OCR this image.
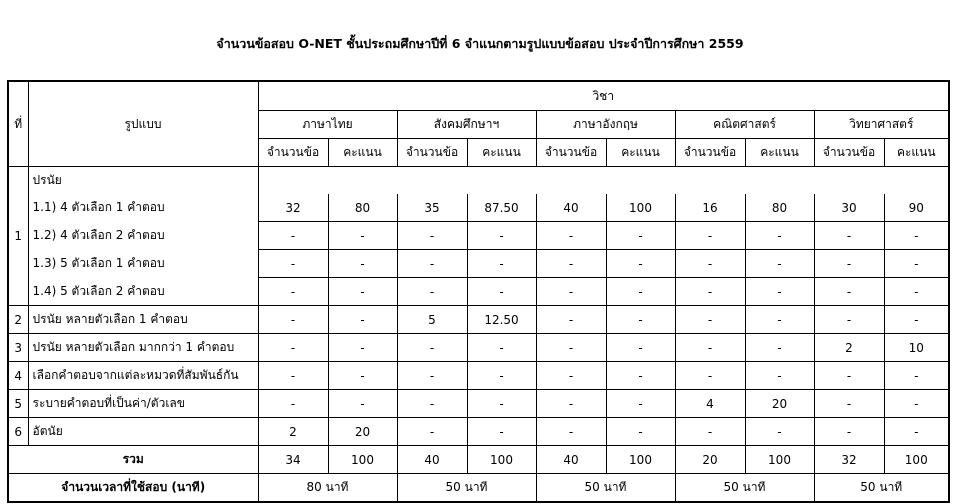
จำนวนข้อสอบ O-NET ชั้นประถมศึกษาปีที่ 6 จำแนกตามรูปแบบข้อสอบ ประจำปีการศึกษา 2559
ที่	รูปแบบ	วิชา									
		ภาษาไทย		สังคมศึกษาฯ		ภาษาอังกฤษ		คณิตศาสตร์		วิทยาศาสตร์	
		จำนวนข้อ	คะแนน	จำนวนข้อ	คะแนน	จำนวนข้อ	คะแนน	จำนวนข้อ	คะแนน	จำนวนข้อ	คะแนน
1	ปรนัย										
	1.1) 4 ตัวเลือก 1 คำตอบ	32	80	35	87.50	40	100	16	80	30	90
	1.2) 4 ตัวเลือก 2 คำตอบ	-	-	-	-	-	-	-	-	-	-
	1.3) 5 ตัวเลือก 1 คำตอบ	-	-	-	-	-	-	-	-	-	-
	1.4) 5 ตัวเลือก 2 คำตอบ	-	-	-	-	-	-	-	-	-	-
2	ปรนัย หลายตัวเลือก 1 คำตอบ	-	-	5	12.50	-	-	-	-	-	-
3	ปรนัย หลายตัวเลือก มากกว่า 1 คำตอบ	-	-	-	-	-	-	-	-	2	10
4	เลือกคำตอบจากแต่ละหมวดที่สัมพันธ์กัน	-	-	-	-	-	-	-	-	-	-
5	ระบายคำตอบที่เป็นค่า/ตัวเลข	-	-	-	-	-	-	4	20	-	-
6	อัตนัย	2	20	-	-	-	-	-	-	-	-
รวม		34	100	40	100	40	100	20	100	32	100
จำนวนเวลาที่ใช้สอบ (นาที)		80 นาที		50 นาที		50 นาที		50 นาที		50 นาที	
